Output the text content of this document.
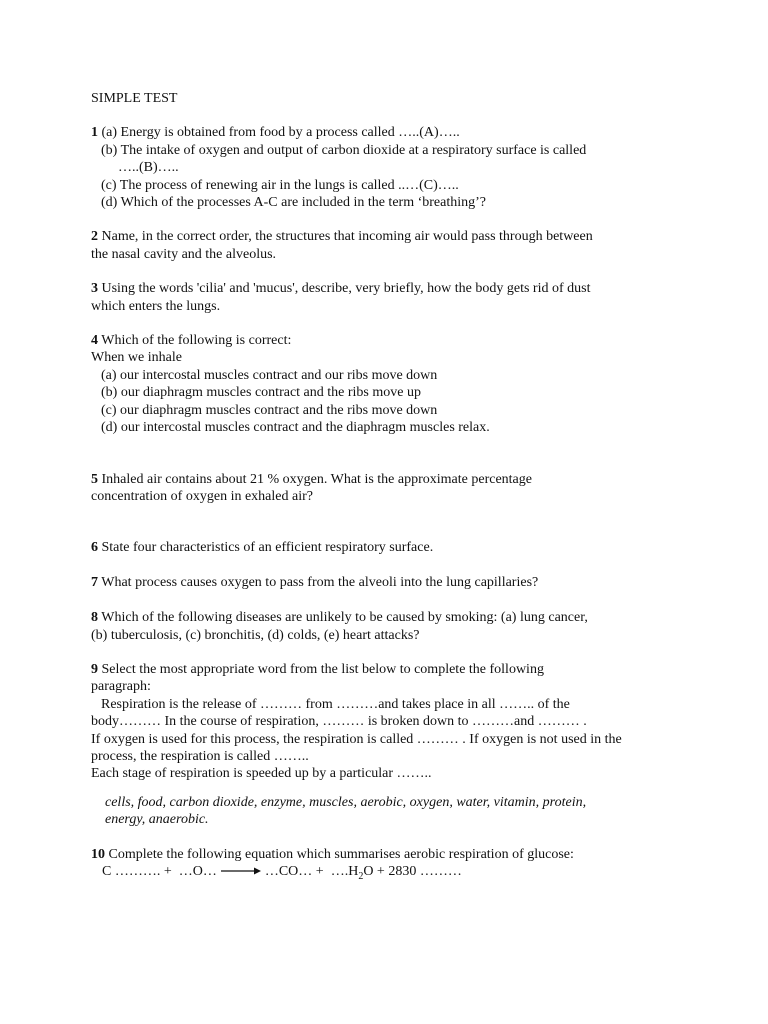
SIMPLE TEST
1 (a) Energy is obtained from food by a process called …..(A)…..
(b) The intake of oxygen and output of carbon dioxide at a respiratory surface is called
…..(B)…..
(c) The process of renewing air in the lungs is called ..…(C)…..
(d) Which of the processes A-C are included in the term ‘breathing’?
2 Name, in the correct order, the structures that incoming air would pass through between
the nasal cavity and the alveolus.
3 Using the words 'cilia' and 'mucus', describe, very briefly, how the body gets rid of dust
which enters the lungs.
4 Which of the following is correct:
When we inhale
(a) our intercostal muscles contract and our ribs move down
(b) our diaphragm muscles contract and the ribs move up
(c) our diaphragm muscles contract and the ribs move down
(d) our intercostal muscles contract and the diaphragm muscles relax.
5 Inhaled air contains about 21 % oxygen. What is the approximate percentage
concentration of oxygen in exhaled air?
6 State four characteristics of an efficient respiratory surface.
7 What process causes oxygen to pass from the alveoli into the lung capillaries?
8 Which of the following diseases are unlikely to be caused by smoking: (a) lung cancer,
(b) tuberculosis, (c) bronchitis, (d) colds, (e) heart attacks?
9 Select the most appropriate word from the list below to complete the following
paragraph:
Respiration is the release of ……… from ………and takes place in all …….. of the
body……… In the course of respiration, ……… is broken down to ………and ……… .
If oxygen is used for this process, the respiration is called ……… . If oxygen is not used in the
process, the respiration is called ……..
Each stage of respiration is speeded up by a particular ……..
cells, food, carbon dioxide, enzyme, muscles, aerobic, oxygen, water, vitamin, protein,
energy, anaerobic.
10 Complete the following equation which summarises aerobic respiration of glucose:
C ………. +  …O…	…CO… +  $\dots.H_2O + 2830$ ………
